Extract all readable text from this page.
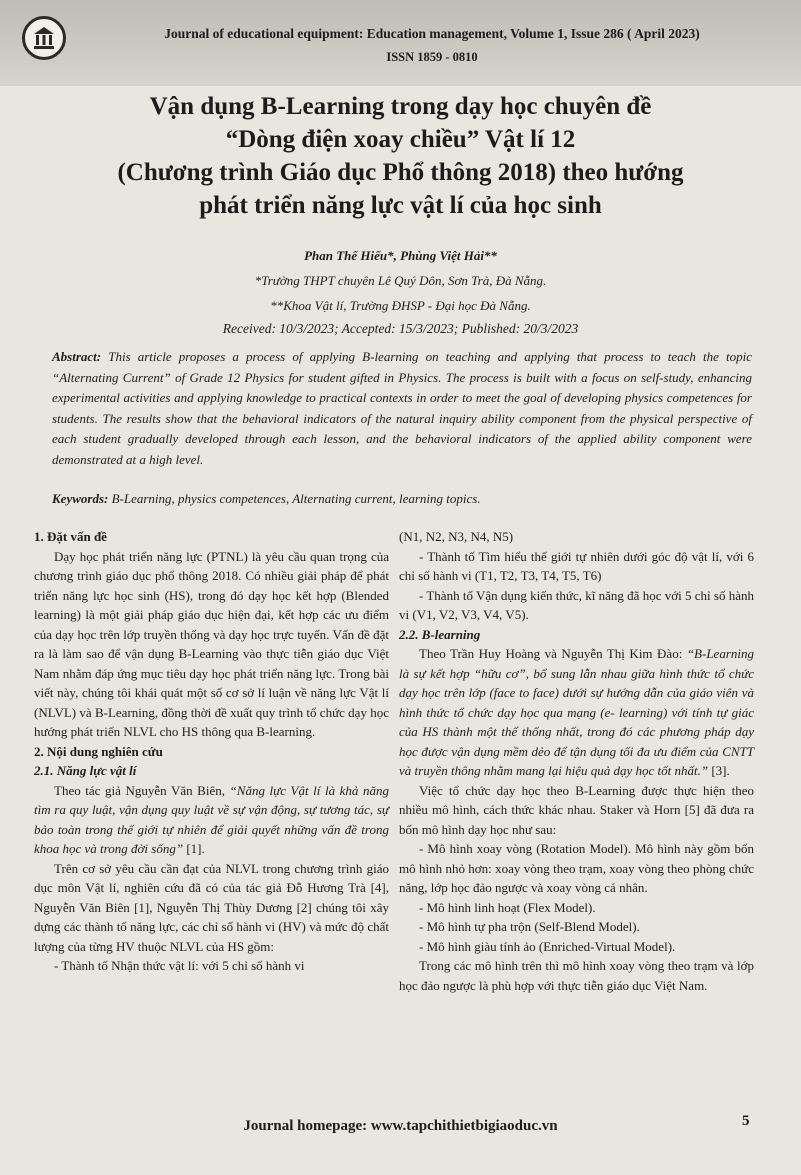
Journal of educational equipment: Education management, Volume 1, Issue 286 ( April 2023)
ISSN 1859 - 0810
Vận dụng B-Learning trong dạy học chuyên đề
“Dòng điện xoay chiều” Vật lí 12
(Chương trình Giáo dục Phổ thông 2018) theo hướng
phát triển năng lực vật lí của học sinh
Phan Thế Hiếu*, Phùng Việt Hải**
*Trường THPT chuyên Lê Quý Dôn, Sơn Trà, Đà Nẵng.
**Khoa Vật lí, Trường ĐHSP - Đại học Đà Nẵng.
Received: 10/3/2023; Accepted: 15/3/2023; Published: 20/3/2023
Abstract: This article proposes a process of applying B-learning on teaching and applying that process to teach the topic “Alternating Current” of Grade 12 Physics for student gifted in Physics. The process is built with a focus on self-study, enhancing experimental activities and applying knowledge to practical contexts in order to meet the goal of developing physics competences for students. The results show that the behavioral indicators of the natural inquiry ability component from the physical perspective of each student gradually developed through each lesson, and the behavioral indicators of the applied ability component were demonstrated at a high level.
Keywords: B-Learning, physics competences, Alternating current, learning topics.

1. Đặt vấn đề

Dạy học phát triển năng lực (PTNL) là yêu cầu quan trọng của chương trình giáo dục phổ thông 2018. Có nhiều giải pháp để phát triển năng lực học sinh (HS), trong đó dạy học kết hợp (Blended learning) là một giải pháp giáo dục hiện đại, kết hợp các ưu điểm của dạy học trên lớp truyền thống và dạy học trực tuyến. Vấn đề đặt ra là làm sao để vận dụng B-Learning vào thực tiễn giáo dục Việt Nam nhằm đáp ứng mục tiêu dạy học phát triển năng lực. Trong bài viết này, chúng tôi khái quát một số cơ sở lí luận về năng lực Vật lí (NLVL) và B-Learning, đồng thời đề xuất quy trình tổ chức dạy học hướng phát triển NLVL cho HS thông qua B-learning.

2. Nội dung nghiên cứu

2.1. Năng lực vật lí

Theo tác giả Nguyễn Văn Biên, “Năng lực Vật lí là khả năng tìm ra quy luật, vận dụng quy luật về sự vận động, sự tương tác, sự bảo toàn trong thế giới tự nhiên để giải quyết những vấn đề trong khoa học và trong đời sống” [1].

Trên cơ sở yêu cầu cần đạt của NLVL trong chương trình giáo dục môn Vật lí, nghiên cứu đã có của tác giả Đỗ Hương Trà [4], Nguyễn Văn Biên [1], Nguyễn Thị Thùy Dương [2] chúng tôi xây dựng các thành tố năng lực, các chỉ số hành vi (HV) và mức độ chất lượng của từng HV thuộc NLVL của HS gồm:

- Thành tố Nhận thức vật lí: với 5 chỉ số hành vi

(N1, N2, N3, N4, N5)

- Thành tố Tìm hiểu thế giới tự nhiên dưới góc độ vật lí, với 6 chỉ số hành vi (T1, T2, T3, T4, T5, T6)

- Thành tố Vận dụng kiến thức, kĩ năng đã học với 5 chỉ số hành vi (V1, V2, V3, V4, V5).

2.2. B-learning

Theo Trần Huy Hoàng và Nguyễn Thị Kim Đào: “B-Learning là sự kết hợp “hữu cơ”, bổ sung lẫn nhau giữa hình thức tổ chức dạy học trên lớp (face to face) dưới sự hướng dẫn của giáo viên và hình thức tổ chức dạy học qua mạng (e- learning) với tính tự giác của HS thành một thể thống nhất, trong đó các phương pháp dạy học được vận dụng mềm dẻo để tận dụng tối đa ưu điểm của CNTT và truyền thông nhằm mang lại hiệu quả dạy học tốt nhất.” [3].

Việc tổ chức dạy học theo B-Learning được thực hiện theo nhiều mô hình, cách thức khác nhau. Staker và Horn [5] đã đưa ra bốn mô hình dạy học như sau:

- Mô hình xoay vòng (Rotation Model). Mô hình này gồm bốn mô hình nhỏ hơn: xoay vòng theo trạm, xoay vòng theo phòng chức năng, lớp học đảo ngược và xoay vòng cá nhân.

- Mô hình linh hoạt (Flex Model).

- Mô hình tự pha trộn (Self-Blend Model).

- Mô hình giàu tính ảo (Enriched-Virtual Model).

Trong các mô hình trên thì mô hình xoay vòng theo trạm và lớp học đảo ngược là phù hợp với thực tiễn giáo dục Việt Nam.

Journal homepage: www.tapchithietbigiaoduc.vn	5
